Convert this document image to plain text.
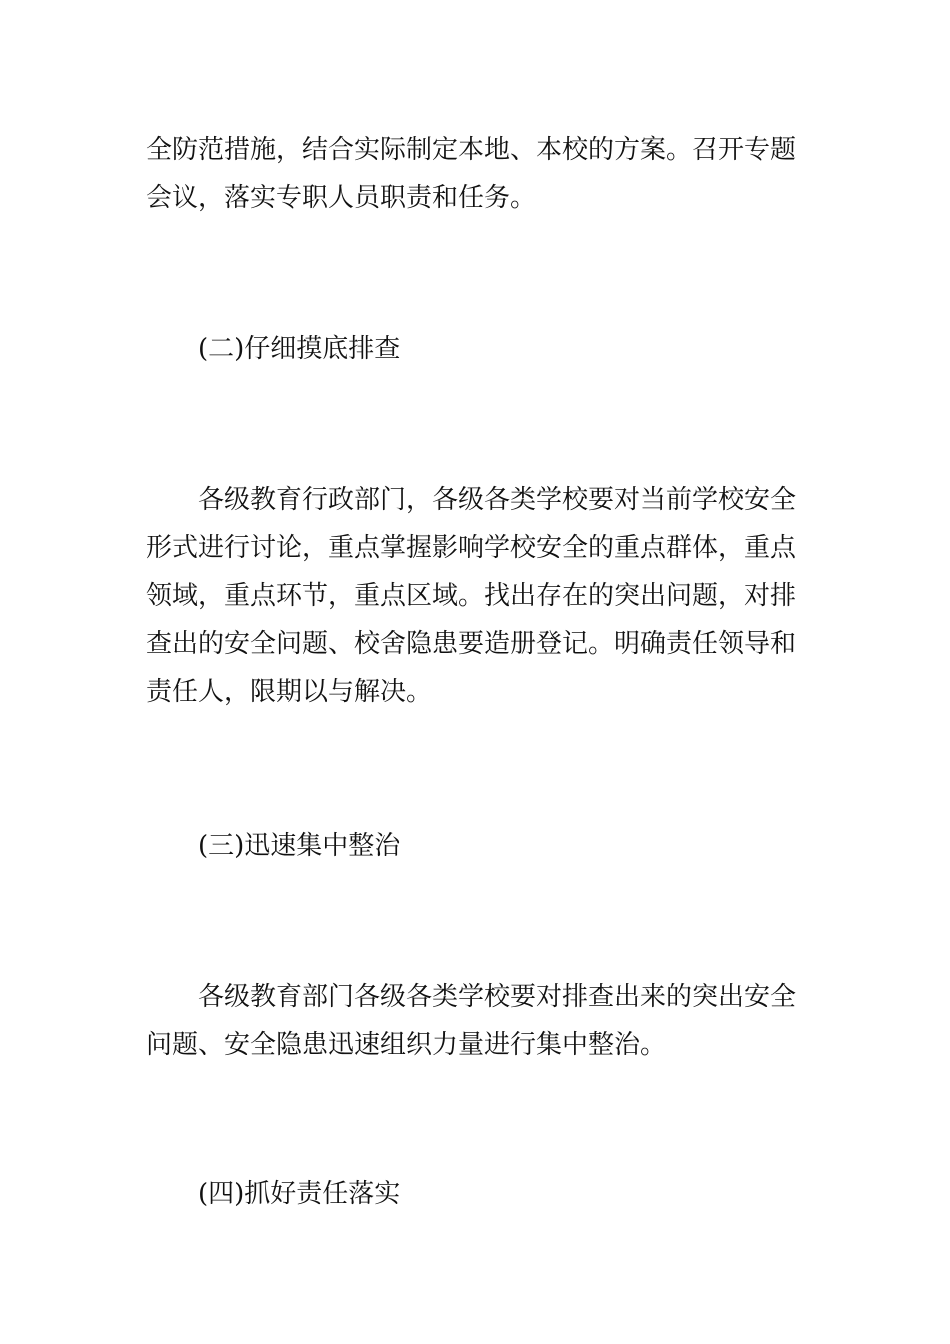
全防范措施，结合实际制定本地、本校的方案。召开专题
会议，落实专职人员职责和任务。
(二)仔细摸底排查
各级教育行政部门，各级各类学校要对当前学校安全
形式进行讨论，重点掌握影响学校安全的重点群体，重点
领域，重点环节，重点区域。找出存在的突出问题，对排
查出的安全问题、校舍隐患要造册登记。明确责任领导和
责任人，限期以与解决。
(三)迅速集中整治
各级教育部门各级各类学校要对排查出来的突出安全
问题、安全隐患迅速组织力量进行集中整治。
(四)抓好责任落实
